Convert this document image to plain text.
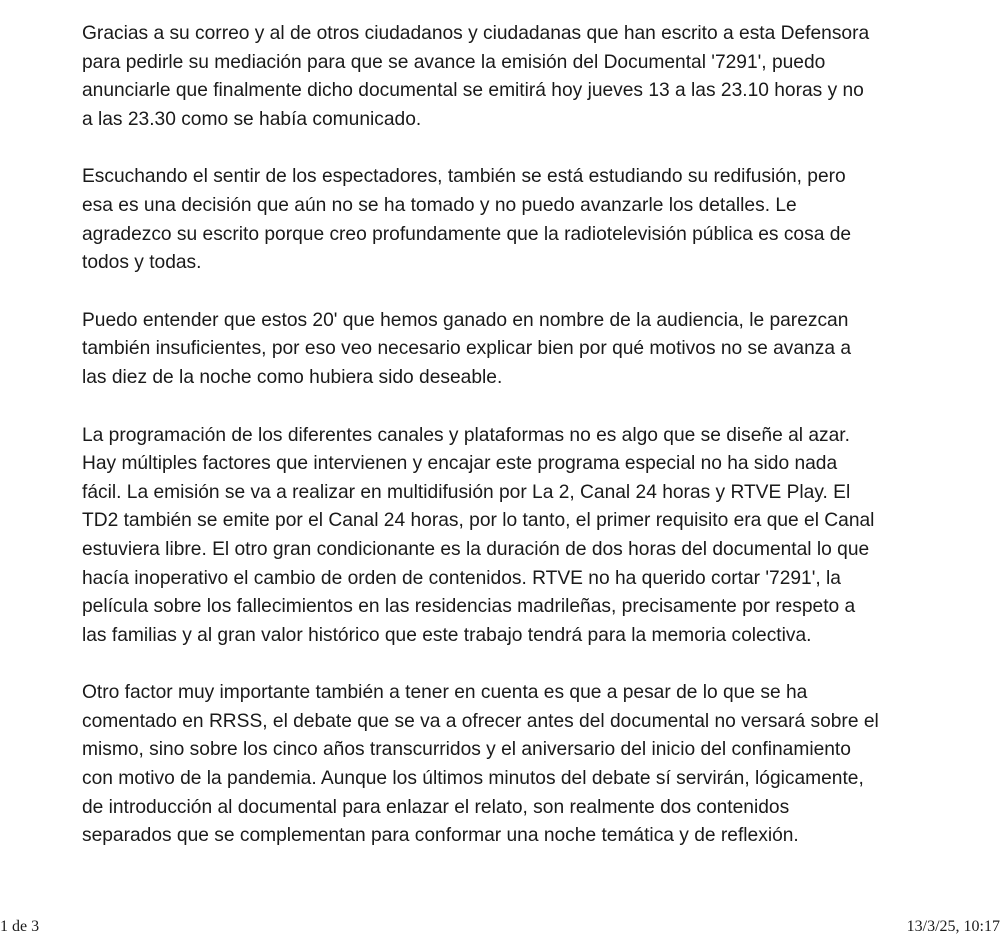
Gracias a su correo y al de otros ciudadanos y ciudadanas que han escrito a esta Defensora
para pedirle su mediación para que se avance la emisión del Documental '7291', puedo
anunciarle que finalmente dicho documental se emitirá hoy jueves 13 a las 23.10 horas y no
a las 23.30 como se había comunicado.

Escuchando el sentir de los espectadores, también se está estudiando su redifusión, pero
esa es una decisión que aún no se ha tomado y no puedo avanzarle los detalles. Le
agradezco su escrito porque creo profundamente que la radiotelevisión pública es cosa de
todos y todas.

Puedo entender que estos 20' que hemos ganado en nombre de la audiencia, le parezcan
también insuficientes, por eso veo necesario explicar bien por qué motivos no se avanza a
las diez de la noche como hubiera sido deseable.

La programación de los diferentes canales y plataformas no es algo que se diseñe al azar.
Hay múltiples factores que intervienen y encajar este programa especial no ha sido nada
fácil. La emisión se va a realizar en multidifusión por La 2, Canal 24 horas y RTVE Play. El
TD2 también se emite por el Canal 24 horas, por lo tanto, el primer requisito era que el Canal
estuviera libre. El otro gran condicionante es la duración de dos horas del documental lo que
hacía inoperativo el cambio de orden de contenidos. RTVE no ha querido cortar '7291', la
película sobre los fallecimientos en las residencias madrileñas, precisamente por respeto a
las familias y al gran valor histórico que este trabajo tendrá para la memoria colectiva.

Otro factor muy importante también a tener en cuenta es que a pesar de lo que se ha
comentado en RRSS, el debate que se va a ofrecer antes del documental no versará sobre el
mismo, sino sobre los cinco años transcurridos y el aniversario del inicio del confinamiento
con motivo de la pandemia. Aunque los últimos minutos del debate sí servirán, lógicamente,
de introducción al documental para enlazar el relato, son realmente dos contenidos
separados que se complementan para conformar una noche temática y de reflexión.

1 de 3	13/3/25, 10:17
